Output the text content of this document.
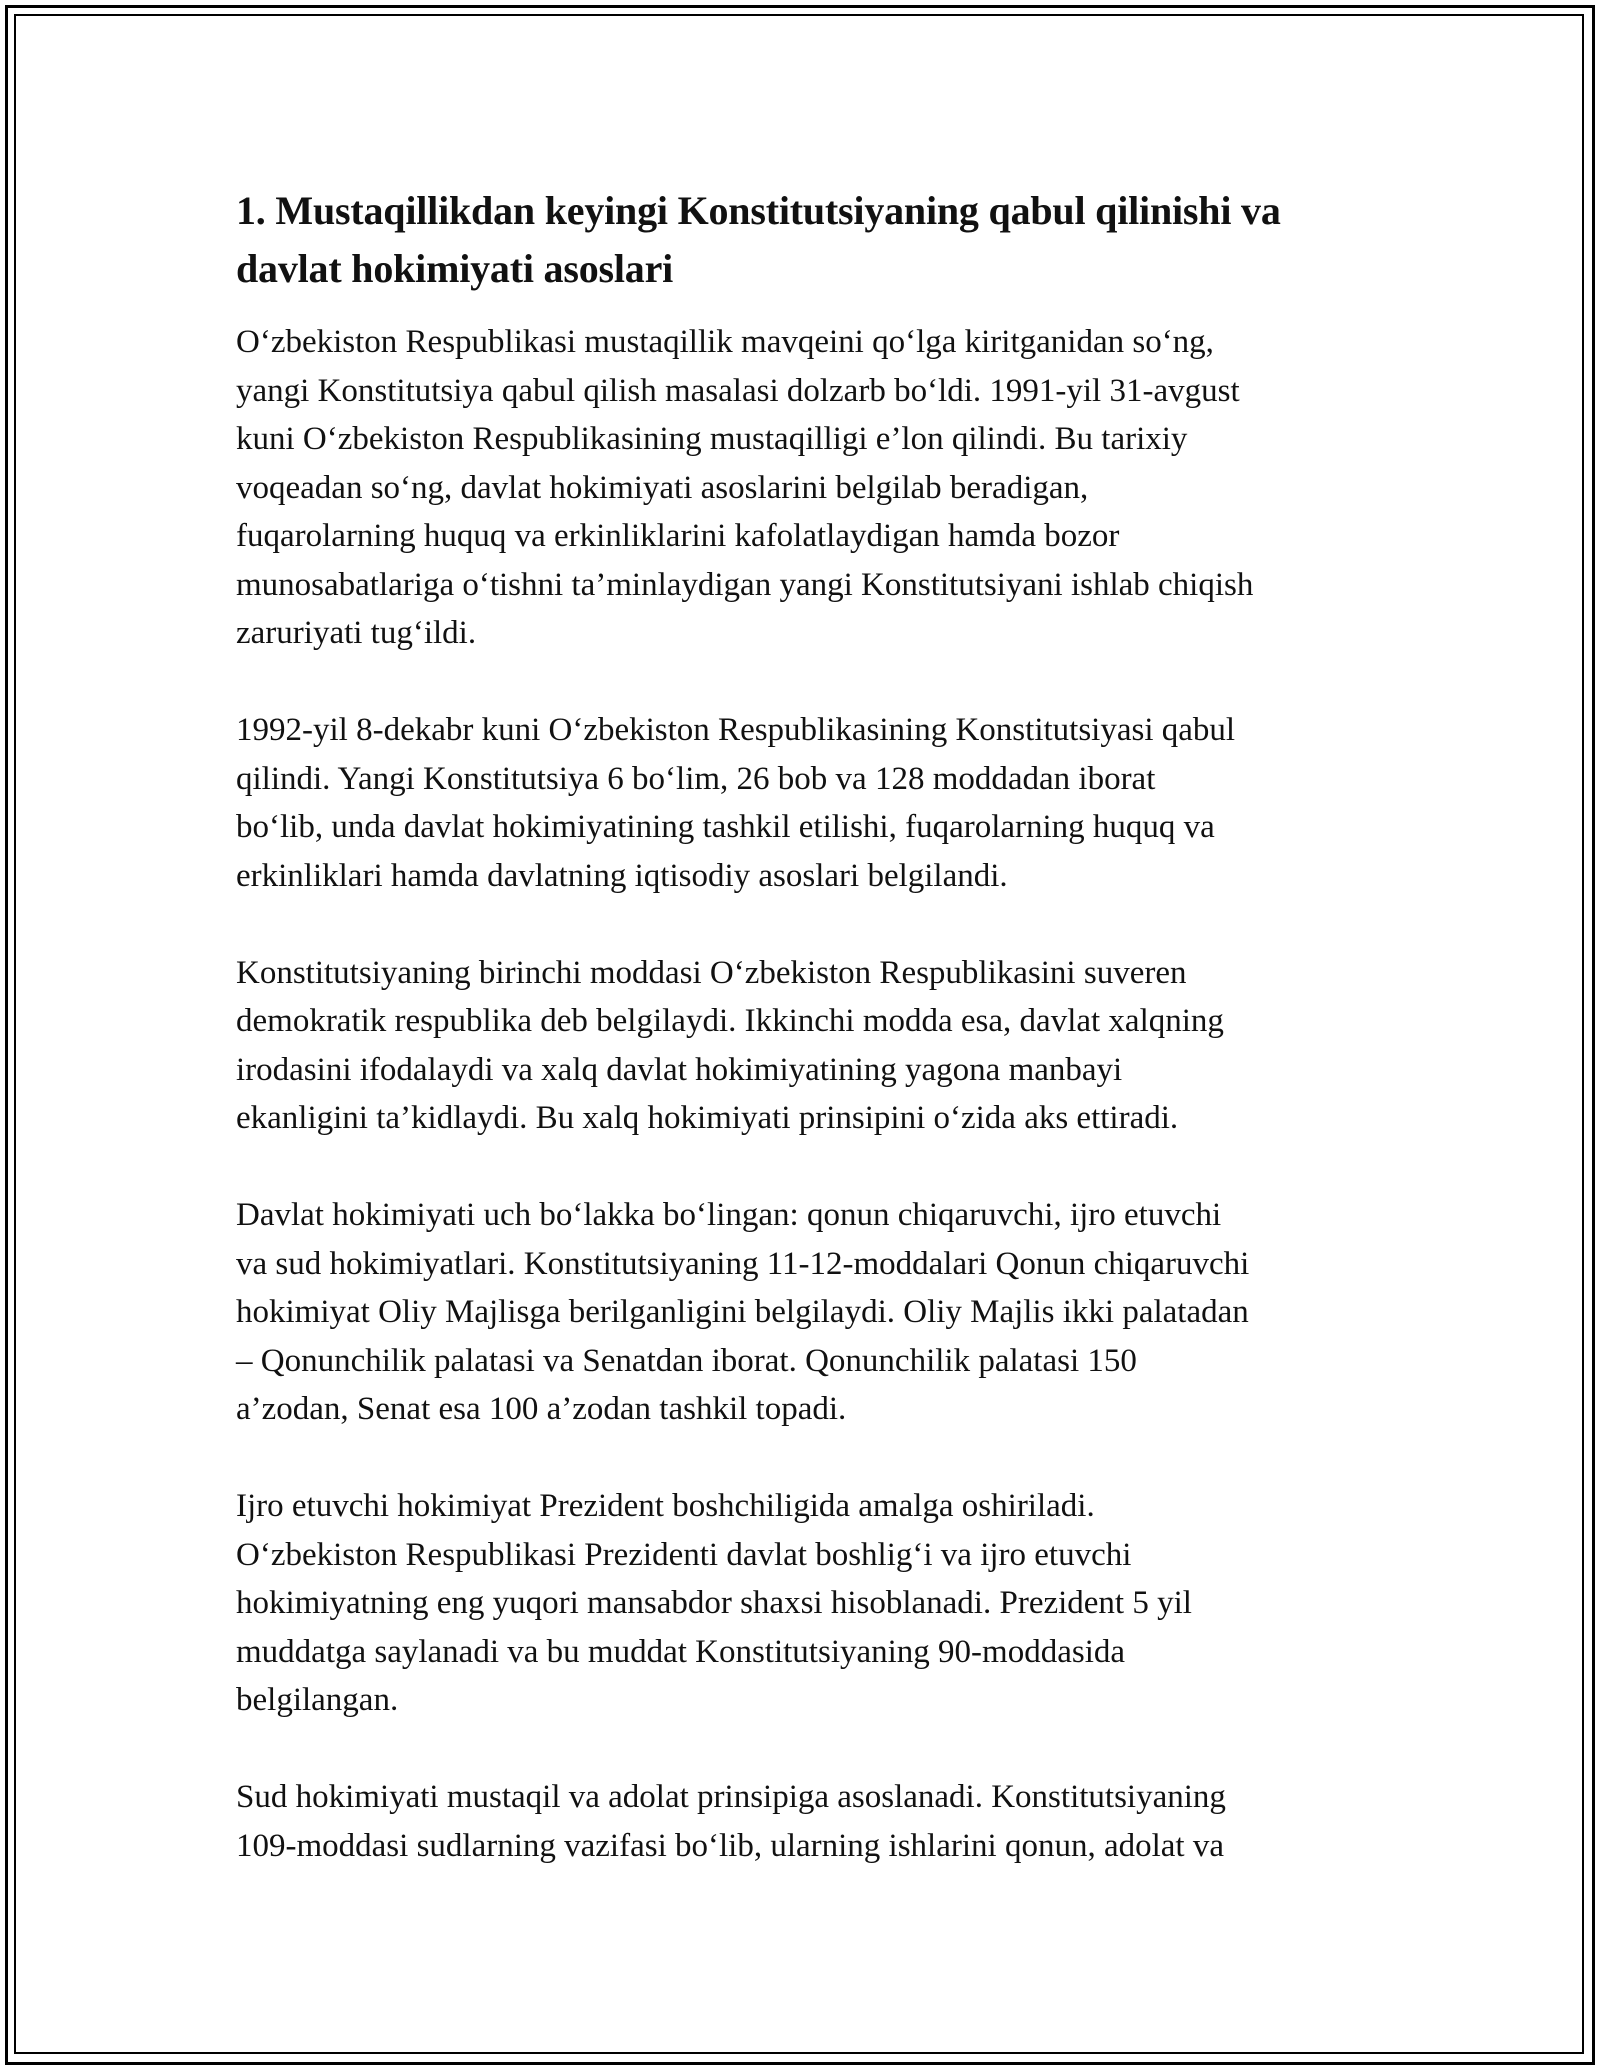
1. Mustaqillikdan keyingi Konstitutsiyaning qabul qilinishi va
davlat hokimiyati asoslari

O‘zbekiston Respublikasi mustaqillik mavqeini qo‘lga kiritganidan so‘ng,
yangi Konstitutsiya qabul qilish masalasi dolzarb bo‘ldi. 1991-yil 31-avgust
kuni O‘zbekiston Respublikasining mustaqilligi e’lon qilindi. Bu tarixiy
voqeadan so‘ng, davlat hokimiyati asoslarini belgilab beradigan,
fuqarolarning huquq va erkinliklarini kafolatlaydigan hamda bozor
munosabatlariga o‘tishni ta’minlaydigan yangi Konstitutsiyani ishlab chiqish
zaruriyati tug‘ildi.

1992-yil 8-dekabr kuni O‘zbekiston Respublikasining Konstitutsiyasi qabul
qilindi. Yangi Konstitutsiya 6 bo‘lim, 26 bob va 128 moddadan iborat
bo‘lib, unda davlat hokimiyatining tashkil etilishi, fuqarolarning huquq va
erkinliklari hamda davlatning iqtisodiy asoslari belgilandi.

Konstitutsiyaning birinchi moddasi O‘zbekiston Respublikasini suveren
demokratik respublika deb belgilaydi. Ikkinchi modda esa, davlat xalqning
irodasini ifodalaydi va xalq davlat hokimiyatining yagona manbayi
ekanligini ta’kidlaydi. Bu xalq hokimiyati prinsipini o‘zida aks ettiradi.

Davlat hokimiyati uch bo‘lakka bo‘lingan: qonun chiqaruvchi, ijro etuvchi
va sud hokimiyatlari. Konstitutsiyaning 11-12-moddalari Qonun chiqaruvchi
hokimiyat Oliy Majlisga berilganligini belgilaydi. Oliy Majlis ikki palatadan
– Qonunchilik palatasi va Senatdan iborat. Qonunchilik palatasi 150
a’zodan, Senat esa 100 a’zodan tashkil topadi.

Ijro etuvchi hokimiyat Prezident boshchiligida amalga oshiriladi.
O‘zbekiston Respublikasi Prezidenti davlat boshlig‘i va ijro etuvchi
hokimiyatning eng yuqori mansabdor shaxsi hisoblanadi. Prezident 5 yil
muddatga saylanadi va bu muddat Konstitutsiyaning 90-moddasida
belgilangan.

Sud hokimiyati mustaqil va adolat prinsipiga asoslanadi. Konstitutsiyaning
109-moddasi sudlarning vazifasi bo‘lib, ularning ishlarini qonun, adolat va
